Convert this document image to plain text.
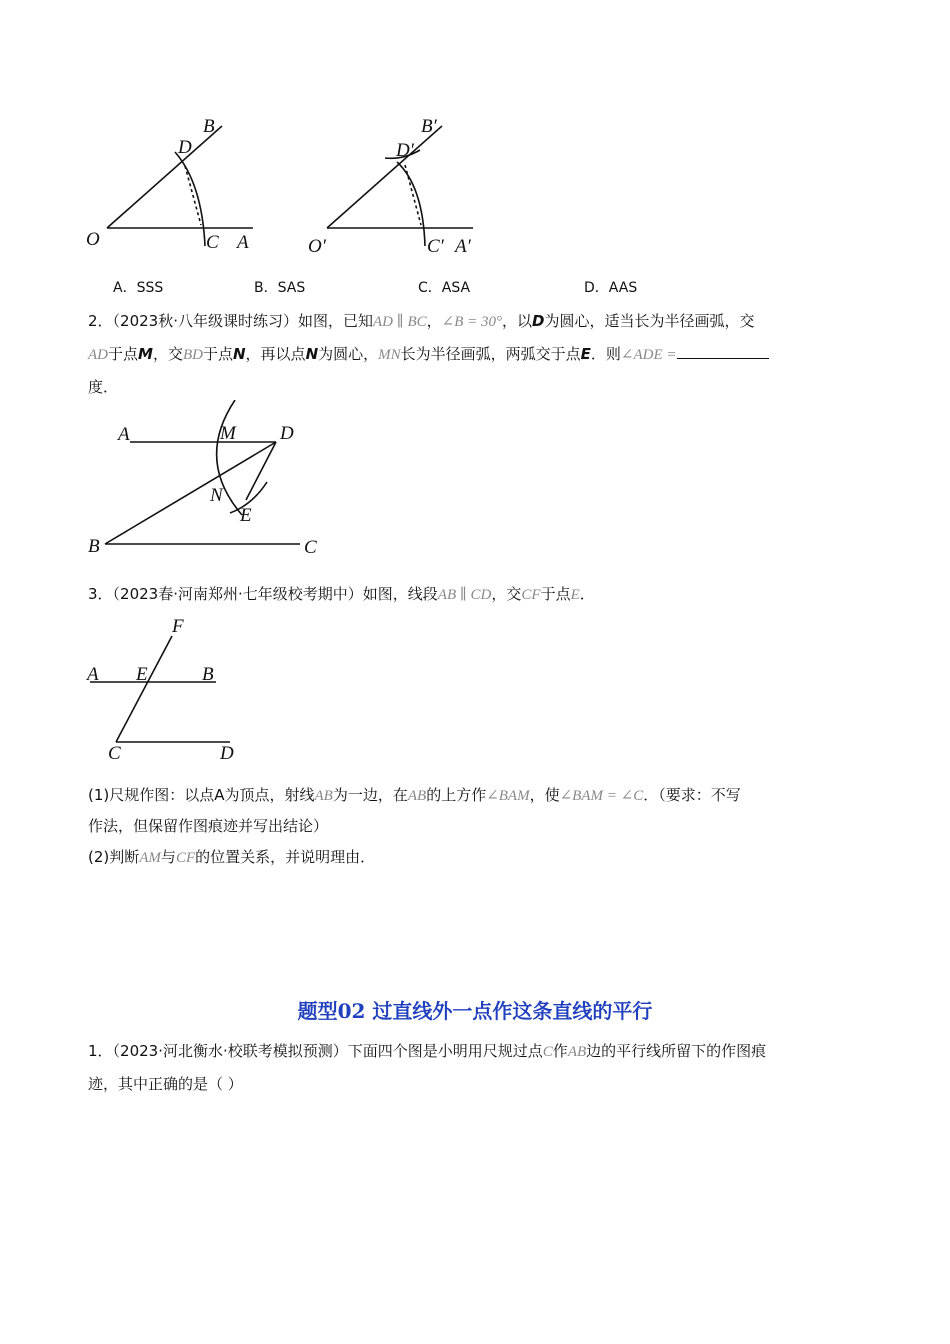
B
D
O	C A
B′
D′
O′	C′ A′
A．SSS	B．SAS	C．ASA	D．AAS
2．（2023秋·八年级课时练习）如图，已知AD ∥ BC，∠B = 30°，以D为圆心，适当长为半径画弧，交
AD于点M，交BD于点N，再以点N为圆心，MN长为半径画弧，两弧交于点E．则∠ADE =
度．
A	M D
N
E
B	C
3．（2023春·河南郑州·七年级校考期中）如图，线段AB ∥ CD，交CF于点E．
F
A E	B
C	D
(1)尺规作图：以点A为顶点，射线AB为一边，在AB的上方作∠BAM，使∠BAM = ∠C．（要求：不写
作法，但保留作图痕迹并写出结论）
(2)判断AM与CF的位置关系，并说明理由．
题型02 过直线外一点作这条直线的平行
1．（2023·河北衡水·校联考模拟预测）下面四个图是小明用尺规过点C作AB边的平行线所留下的作图痕
迹，其中正确的是（ ）
